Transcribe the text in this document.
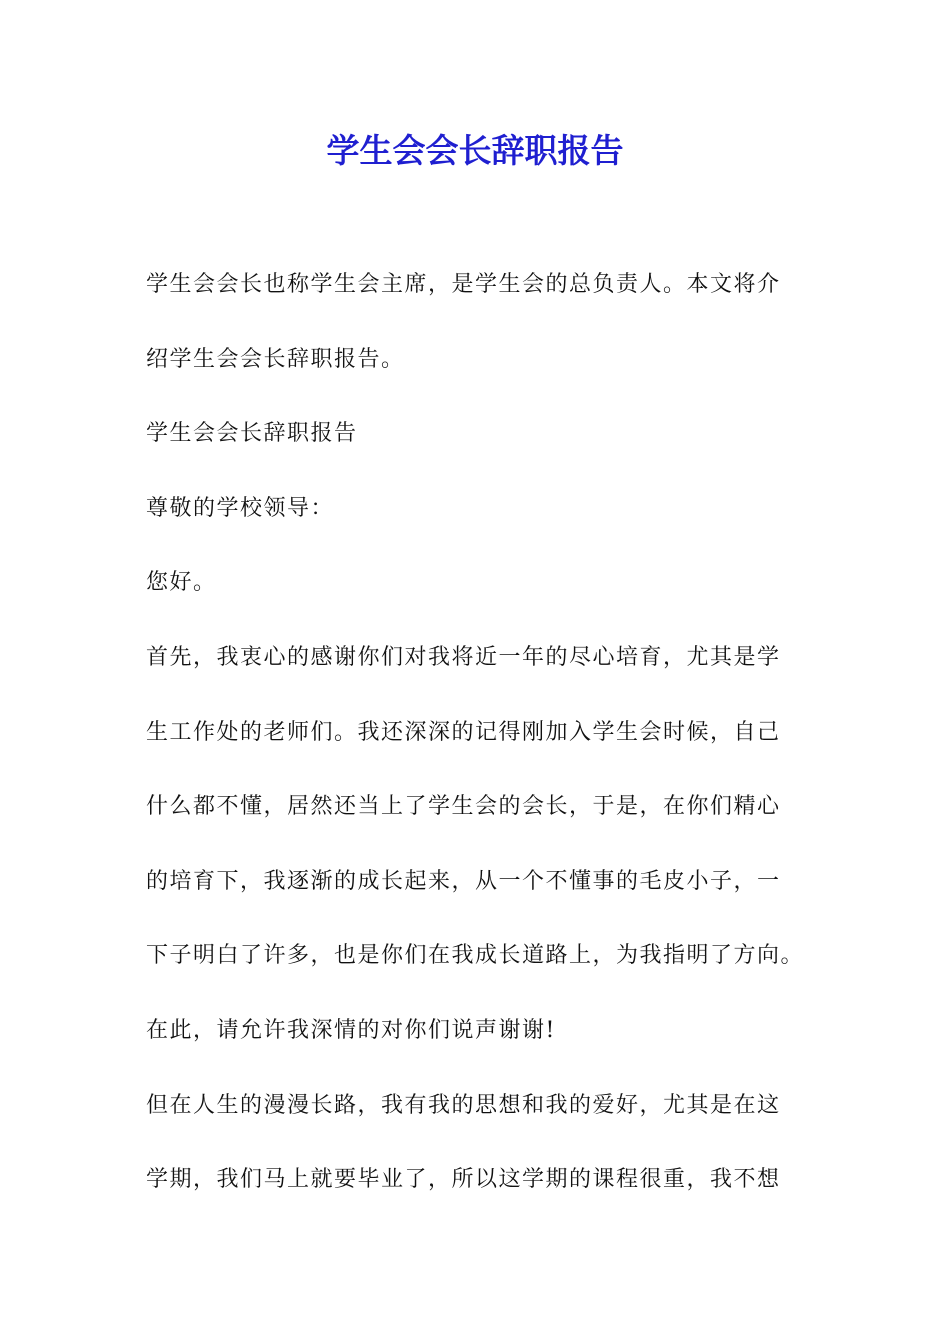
学生会会长辞职报告
学生会会长也称学生会主席，是学生会的总负责人。本文将介
绍学生会会长辞职报告。
学生会会长辞职报告
尊敬的学校领导：
您好。
首先，我衷心的感谢你们对我将近一年的尽心培育，尤其是学
生工作处的老师们。我还深深的记得刚加入学生会时候，自己
什么都不懂，居然还当上了学生会的会长，于是，在你们精心
的培育下，我逐渐的成长起来，从一个不懂事的毛皮小子，一
下子明白了许多，也是你们在我成长道路上，为我指明了方向。
在此，请允许我深情的对你们说声谢谢!
但在人生的漫漫长路，我有我的思想和我的爱好，尤其是在这
学期，我们马上就要毕业了，所以这学期的课程很重，我不想
